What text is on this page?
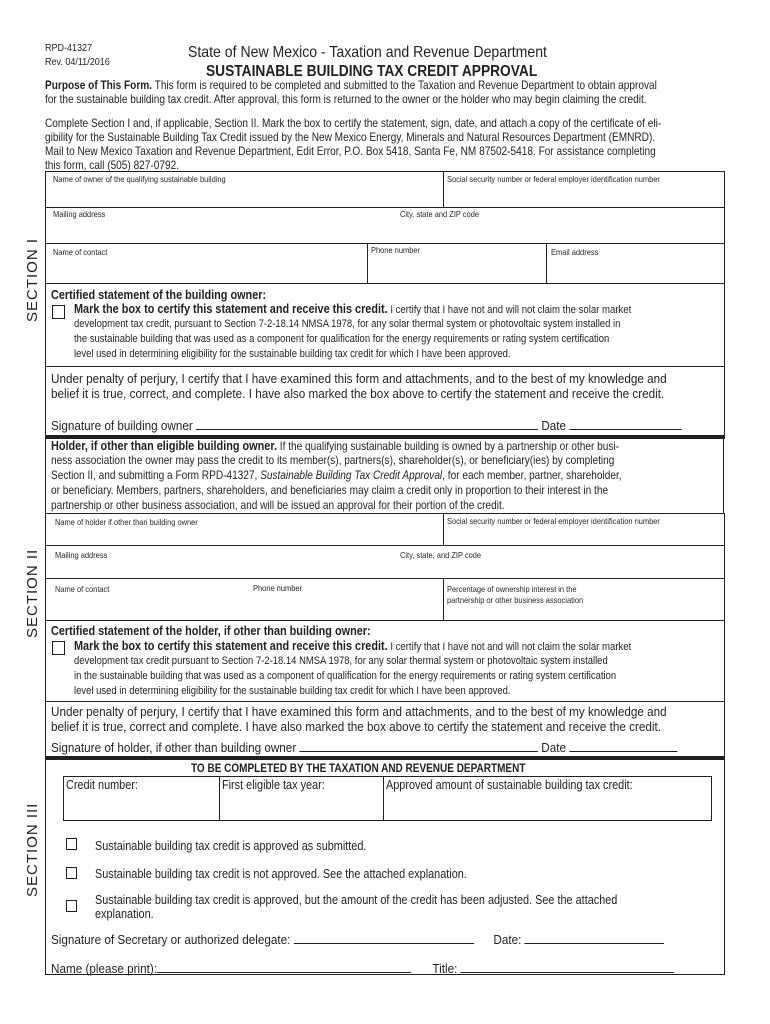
RPD-41327
Rev. 04/11/2016
State of New Mexico - Taxation and Revenue Department
SUSTAINABLE BUILDING TAX CREDIT APPROVAL
Purpose of This Form. This form is required to be completed and submitted to the Taxation and Revenue Department to obtain approval
for the sustainable building tax credit. After approval, this form is returned to the owner or the holder who may begin claiming the credit.
Complete Section I and, if applicable, Section II. Mark the box to certify the statement, sign, date, and attach a copy of the certificate of eli-
gibility for the Sustainable Building Tax Credit issued by the New Mexico Energy, Minerals and Natural Resources Department (EMNRD).
Mail to New Mexico Taxation and Revenue Department, Edit Error, P.O. Box 5418, Santa Fe, NM 87502-5418. For assistance completing
this form, call (505) 827-0792.
SECTION I
Name of owner of the qualifying sustainable building	Social security number or federal employer identification number
Mailing address	City, state and ZIP code
Name of contact	Phone number	Email address
Certified statement of the building owner:
Mark the box to certify this statement and receive this credit. I certify that I have not and will not claim the solar market
development tax credit, pursuant to Section 7-2-18.14 NMSA 1978, for any solar thermal system or photovoltaic system installed in
the sustainable building that was used as a component for qualification for the energy requirements or rating system certification
level used in determining eligibility for the sustainable building tax credit for which I have been approved.
Under penalty of perjury, I certify that I have examined this form and attachments, and to the best of my knowledge and
belief it is true, correct, and complete. I have also marked the box above to certify the statement and receive the credit.
Signature of building owner	Date
Holder, if other than eligible building owner. If the qualifying sustainable building is owned by a partnership or other busi-
ness association the owner may pass the credit to its member(s), partners(s), shareholder(s), or beneficiary(ies) by completing
Section II, and submitting a Form RPD-41327, Sustainable Building Tax Credit Approval, for each member, partner, shareholder,
or beneficiary. Members, partners, shareholders, and beneficiaries may claim a credit only in proportion to their interest in the
partnership or other business association, and will be issued an approval for their portion of the credit.
SECTION II
Name of holder if other than building owner	Social security number or federal employer identification number
Mailing address	City, state, and ZIP code
Name of contact	Phone number	Percentage of ownership interest in the
partnership or other business association
Certified statement of the holder, if other than building owner:
Mark the box to certify this statement and receive this credit. I certify that I have not and will not claim the solar market
development tax credit pursuant to Section 7-2-18.14 NMSA 1978, for any solar thermal system or photovoltaic system installed
in the sustainable building that was used as a component of qualification for the energy requirements or rating system certification
level used in determining eligibility for the sustainable building tax credit for which I have been approved.
Under penalty of perjury, I certify that I have examined this form and attachments, and to the best of my knowledge and
belief it is true, correct and complete. I have also marked the box above to certify the statement and receive the credit.
Signature of holder, if other than building owner	Date
SECTION III
TO BE COMPLETED BY THE TAXATION AND REVENUE DEPARTMENT
Credit number:	First eligible tax year:	Approved amount of sustainable building tax credit:
Sustainable building tax credit is approved as submitted.
Sustainable building tax credit is not approved. See the attached explanation.
Sustainable building tax credit is approved, but the amount of the credit has been adjusted. See the attached
explanation.
Signature of Secretary or authorized delegate:	Date:
Name (please print):	Title:
